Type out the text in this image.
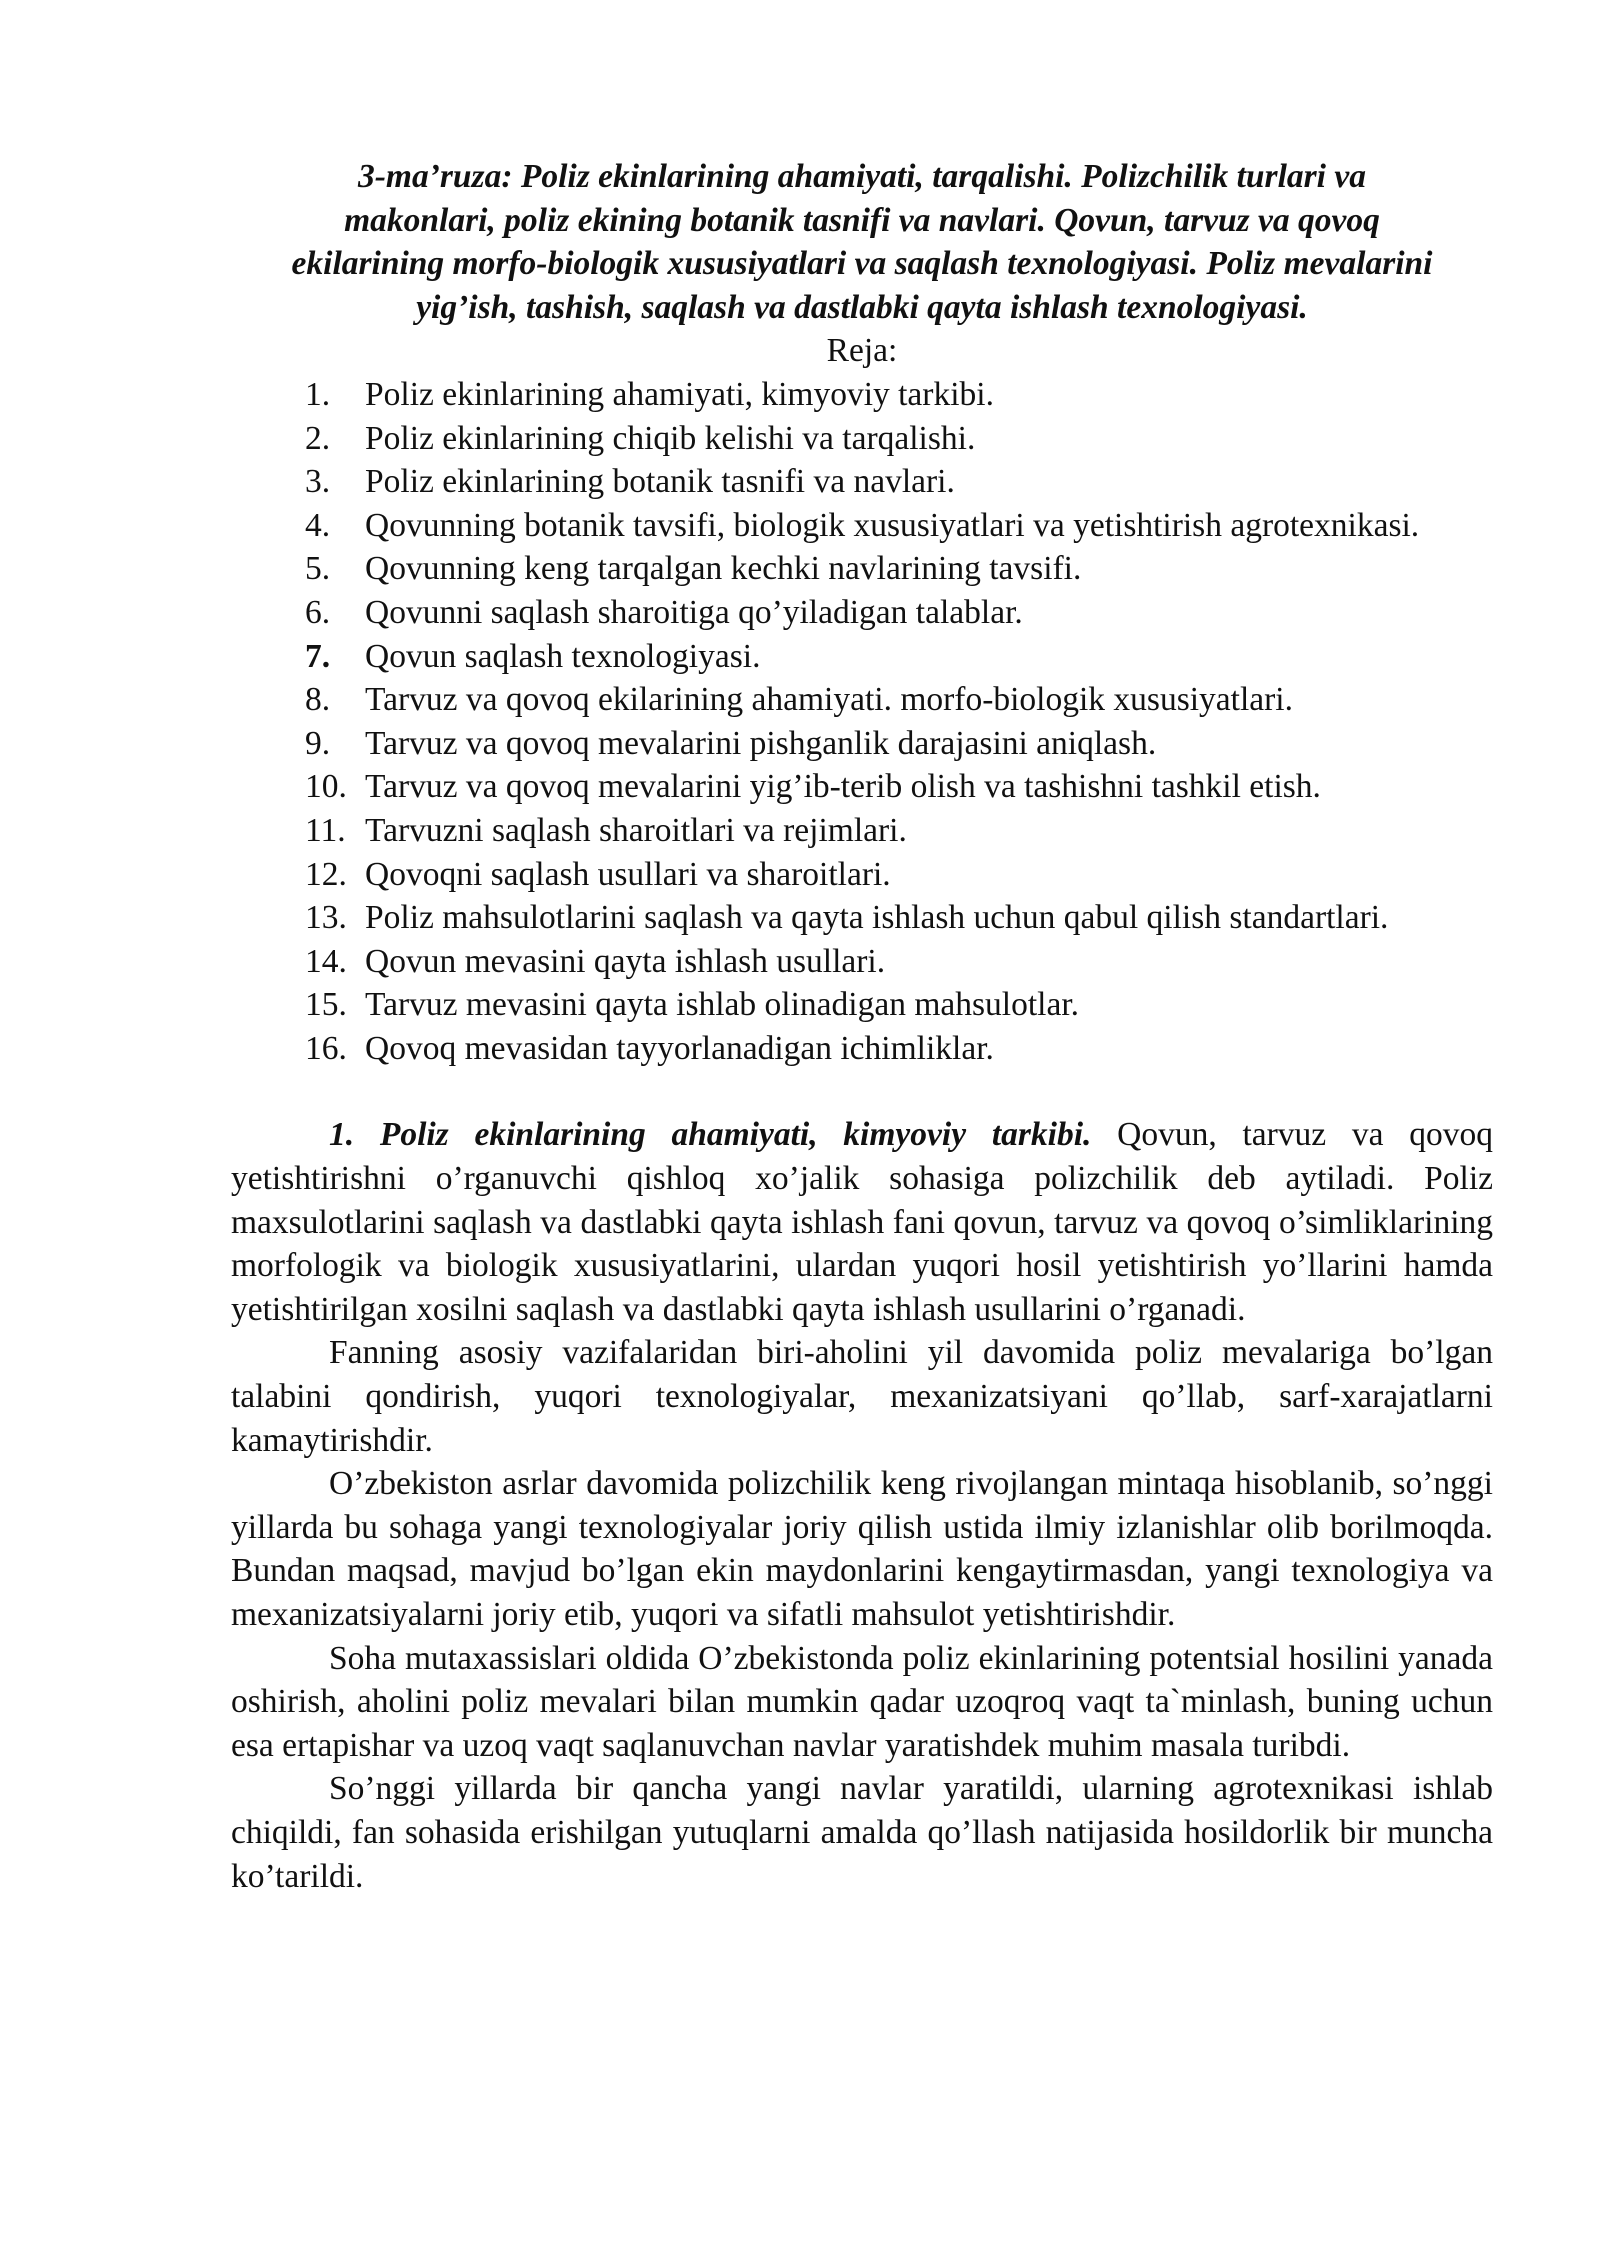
3-ma’ruza: Poliz ekinlarining ahamiyati, tarqalishi. Polizchilik turlari va makonlari, poliz ekining botanik tasnifi va navlari. Qovun, tarvuz va qovoq ekilarining morfo-biologik xususiyatlari va saqlash texnologiyasi. Poliz mevalarini yig’ish, tashish, saqlash va dastlabki qayta ishlash texnologiyasi.

Reja:

1. Poliz ekinlarining ahamiyati, kimyoviy tarkibi.
2. Poliz ekinlarining chiqib kelishi va tarqalishi.
3. Poliz ekinlarining botanik tasnifi va navlari.
4. Qovunning botanik tavsifi, biologik xususiyatlari va yetishtirish agrotexnikasi.
5. Qovunning keng tarqalgan kechki navlarining tavsifi.
6. Qovunni saqlash sharoitiga qo’yiladigan talablar.
7. Qovun saqlash texnologiyasi.
8. Tarvuz va qovoq ekilarining ahamiyati. morfo-biologik xususiyatlari.
9. Tarvuz va qovoq mevalarini pishganlik darajasini aniqlash.
10. Tarvuz va qovoq mevalarini yig’ib-terib olish va tashishni tashkil etish.
11. Tarvuzni saqlash sharoitlari va rejimlari.
12. Qovoqni saqlash usullari va sharoitlari.
13. Poliz mahsulotlarini saqlash va qayta ishlash uchun qabul qilish standartlari.
14. Qovun mevasini qayta ishlash usullari.
15. Tarvuz mevasini qayta ishlab olinadigan mahsulotlar.
16. Qovoq mevasidan tayyorlanadigan ichimliklar.

1. Poliz ekinlarining ahamiyati, kimyoviy tarkibi. Qovun, tarvuz va qovoq yetishtirishni o’rganuvchi qishloq xo’jalik sohasiga polizchilik deb aytiladi. Poliz maxsulotlarini saqlash va dastlabki qayta ishlash fani qovun, tarvuz va qovoq o’simliklarining morfologik va biologik xususiyatlarini, ulardan yuqori hosil yetishtirish yo’llarini hamda yetishtirilgan xosilni saqlash va dastlabki qayta ishlash usullarini o’rganadi.

Fanning asosiy vazifalaridan biri-aholini yil davomida poliz mevalariga bo’lgan talabini qondirish, yuqori texnologiyalar, mexanizatsiyani qo’llab, sarf-xarajatlarni kamaytirishdir.

O’zbekiston asrlar davomida polizchilik keng rivojlangan mintaqa hisoblanib, so’nggi yillarda bu sohaga yangi texnologiyalar joriy qilish ustida ilmiy izlanishlar olib borilmoqda. Bundan maqsad, mavjud bo’lgan ekin maydonlarini kengaytirmasdan, yangi texnologiya va mexanizatsiyalarni joriy etib, yuqori va sifatli mahsulot yetishtirishdir.

Soha mutaxassislari oldida O’zbekistonda poliz ekinlarining potentsial hosilini yanada oshirish, aholini poliz mevalari bilan mumkin qadar uzoqroq vaqt ta`minlash, buning uchun esa ertapishar va uzoq vaqt saqlanuvchan navlar yaratishdek muhim masala turibdi.

So’nggi yillarda bir qancha yangi navlar yaratildi, ularning agrotexnikasi ishlab chiqildi, fan sohasida erishilgan yutuqlarni amalda qo’llash natijasida hosildorlik bir muncha ko’tarildi.
